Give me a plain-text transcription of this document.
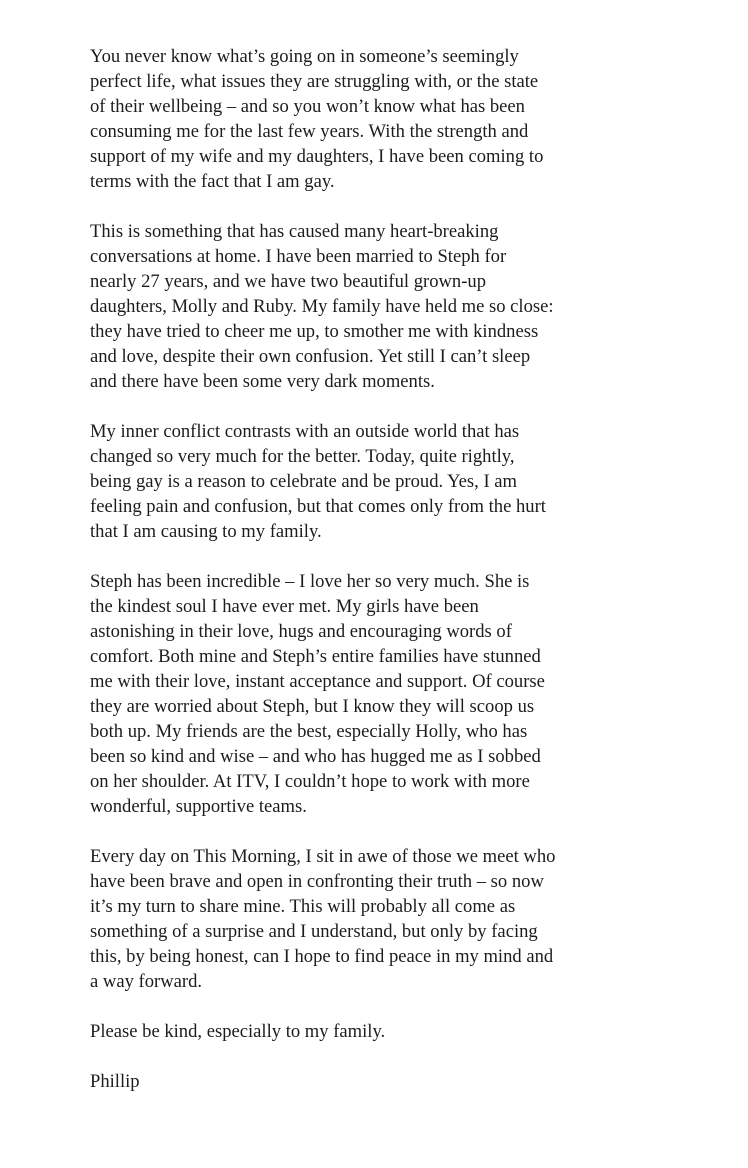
You never know what’s going on in someone’s seemingly
perfect life, what issues they are struggling with, or the state
of their wellbeing – and so you won’t know what has been
consuming me for the last few years. With the strength and
support of my wife and my daughters, I have been coming to
terms with the fact that I am gay.

This is something that has caused many heart-breaking
conversations at home. I have been married to Steph for
nearly 27 years, and we have two beautiful grown-up
daughters, Molly and Ruby. My family have held me so close:
they have tried to cheer me up, to smother me with kindness
and love, despite their own confusion. Yet still I can’t sleep
and there have been some very dark moments.

My inner conflict contrasts with an outside world that has
changed so very much for the better. Today, quite rightly,
being gay is a reason to celebrate and be proud. Yes, I am
feeling pain and confusion, but that comes only from the hurt
that I am causing to my family.

Steph has been incredible – I love her so very much. She is
the kindest soul I have ever met. My girls have been
astonishing in their love, hugs and encouraging words of
comfort. Both mine and Steph’s entire families have stunned
me with their love, instant acceptance and support. Of course
they are worried about Steph, but I know they will scoop us
both up. My friends are the best, especially Holly, who has
been so kind and wise – and who has hugged me as I sobbed
on her shoulder. At ITV, I couldn’t hope to work with more
wonderful, supportive teams.

Every day on This Morning, I sit in awe of those we meet who
have been brave and open in confronting their truth – so now
it’s my turn to share mine. This will probably all come as
something of a surprise and I understand, but only by facing
this, by being honest, can I hope to find peace in my mind and
a way forward.

Please be kind, especially to my family.

Phillip
